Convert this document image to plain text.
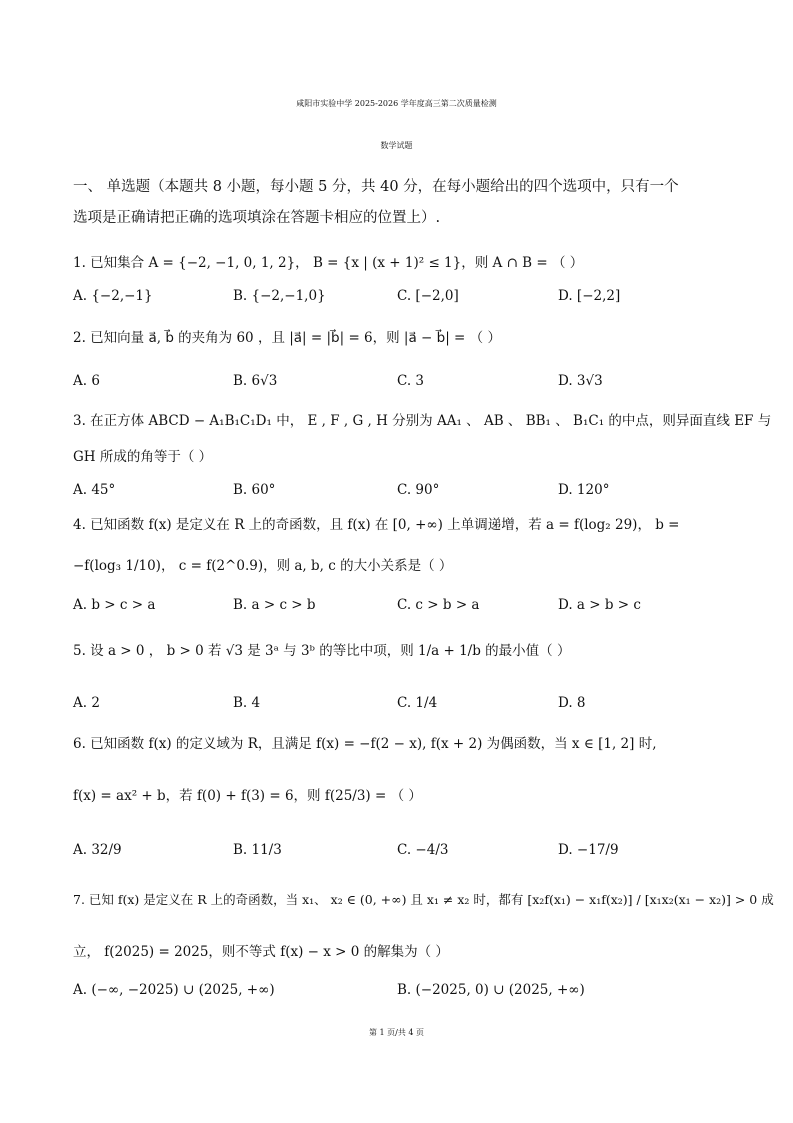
咸阳市实验中学 2025-2026 学年度高三第二次质量检测
数学试题
一、 单选题（本题共 8 小题，每小题 5 分，共 40 分，在每小题给出的四个选项中，只有一个
选项是正确请把正确的选项填涂在答题卡相应的位置上）.
1. 已知集合 A = {−2, −1, 0, 1, 2}， B = {x | (x + 1)² ≤ 1}，则 A ∩ B = （ ）
A. {−2,−1}	B. {−2,−1,0}	C. [−2,0]	D. [−2,2]
2. 已知向量 a⃗, b⃗ 的夹角为 60 ，且 |a⃗| = |b⃗| = 6，则 |a⃗ − b⃗| = （ ）
A. 6	B. 6√3	C. 3	D. 3√3
3. 在正方体 ABCD − A₁B₁C₁D₁ 中， E , F , G , H 分别为 AA₁ 、 AB 、 BB₁ 、 B₁C₁ 的中点，则异面直线 EF 与
GH 所成的角等于（ ）
A. 45°	B. 60°	C. 90°	D. 120°
4. 已知函数 f(x) 是定义在 R 上的奇函数，且 f(x) 在 [0, +∞) 上单调递增，若 a = f(log₂ 29)， b =
−f(log₃ 1/10)， c = f(2^0.9)，则 a, b, c 的大小关系是（ ）
A. b > c > a	B. a > c > b	C. c > b > a	D. a > b > c
5. 设 a > 0 ， b > 0 若 √3 是 3ᵃ 与 3ᵇ 的等比中项，则 1/a + 1/b 的最小值（ ）
A. 2	B. 4	C. 1/4	D. 8
6. 已知函数 f(x) 的定义域为 R，且满足 f(x) = −f(2 − x), f(x + 2) 为偶函数，当 x ∈ [1, 2] 时,
f(x) = ax² + b，若 f(0) + f(3) = 6，则 f(25/3) = （ ）
A. 32/9	B. 11/3	C. −4/3	D. −17/9
7. 已知 f(x) 是定义在 R 上的奇函数，当 x₁、 x₂ ∈ (0, +∞) 且 x₁ ≠ x₂ 时，都有 [x₂f(x₁) − x₁f(x₂)] / [x₁x₂(x₁ − x₂)] > 0 成
立， f(2025) = 2025，则不等式 f(x) − x > 0 的解集为（ ）
A. (−∞, −2025) ∪ (2025, +∞)	B. (−2025, 0) ∪ (2025, +∞)
第 1 页/共 4 页
